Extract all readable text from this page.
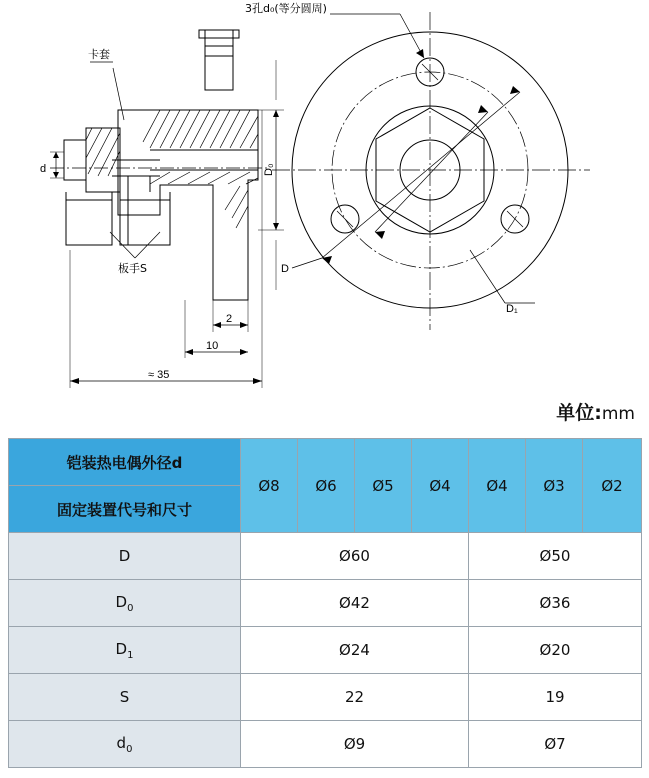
3孔d₀(等分圆周)
卡套
板手S
d	D₀
D
2
10
≈ 35
D₁
单位:mm
铠装热电偶外径d	Ø8	Ø6	Ø5	Ø4	Ø4	Ø3	Ø2
固定装置代号和尺寸							
D	Ø60				Ø50		
$D_0$	Ø42				Ø36		
$D_1$	Ø24				Ø20		
S	22				19		
$d_0$	Ø9				Ø7		
